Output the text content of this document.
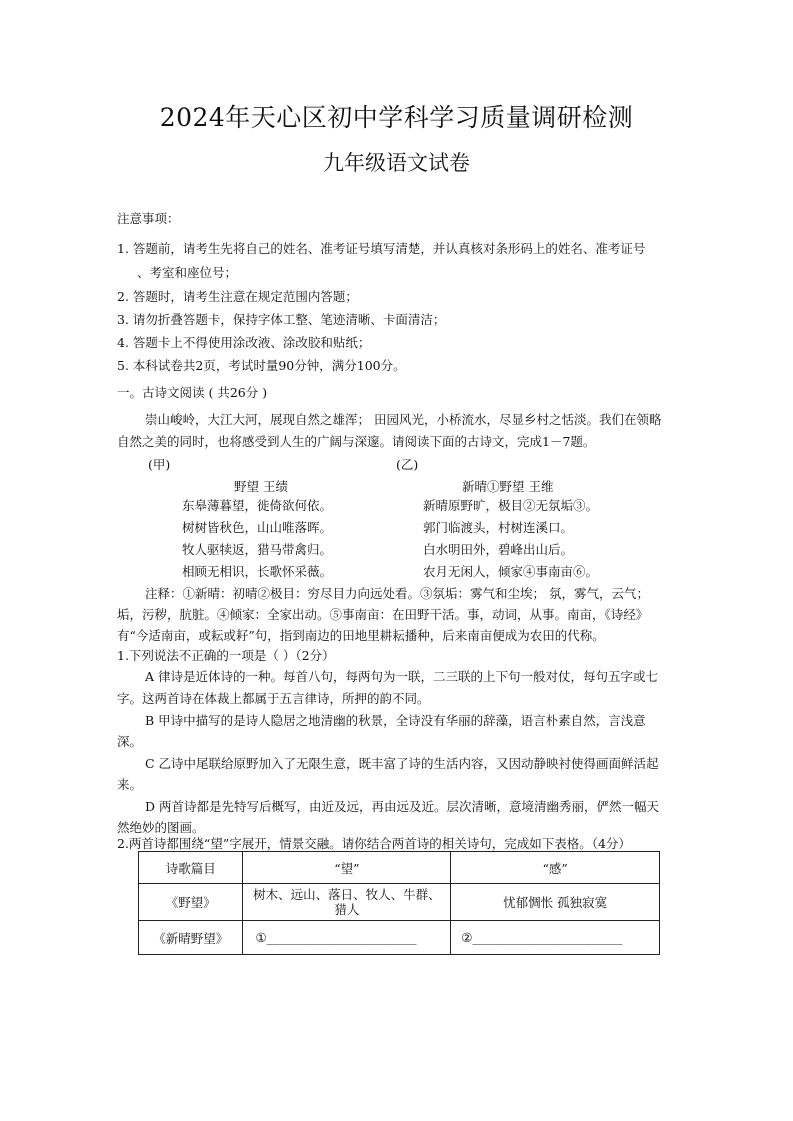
2024年天心区初中学科学习质量调研检测
九年级语文试卷
注意事项：
1. 答题前，请考生先将自己的姓名、准考证号填写清楚，并认真核对条形码上的姓名、准考证号
、考室和座位号；
2. 答题时，请考生注意在规定范围内答题；
3. 请勿折叠答题卡，保持字体工整、笔迹清晰、卡面清洁；
4. 答题卡上不得使用涂改液、涂改胶和贴纸；
5. 本科试卷共2页，考试时量90分钟，满分100分。
一。古诗文阅读 ( 共26分 )
崇山峻岭，大江大河，展现自然之雄浑； 田园风光，小桥流水，尽显乡村之恬淡。我们在领略
自然之美的同时，也将感受到人生的广阔与深邃。请阅读下面的古诗文，完成1－7题。
(甲)	(乙)
野望 王绩	新晴①野望 王维
东皋薄暮望，徙倚欲何依。
树树皆秋色，山山唯落晖。
牧人驱犊返，猎马带禽归。
相顾无相识，长歌怀采薇。
新晴原野旷，极目②无氛垢③。
郭门临渡头，村树连溪口。
白水明田外，碧峰出山后。
农月无闲人，倾家④事南亩⑥。
注释：①新晴：初晴②极目：穷尽目力向远处看。③氛垢：雾气和尘埃； 氛，雾气，云气；
垢，污秽，肮脏。④倾家：全家出动。⑤事南亩：在田野干活。事，动词，从事。南亩，《诗经》
有“今适南亩，或耘或耔”句，指到南边的田地里耕耘播种，后来南亩便成为农田的代称。
1.下列说法不正确的一项是（ ）（2分）
A 律诗是近体诗的一种。每首八句，每两句为一联，二三联的上下句一般对仗，每句五字或七
字。这两首诗在体裁上都属于五言律诗，所押的韵不同。
B 甲诗中描写的是诗人隐居之地清幽的秋景，全诗没有华丽的辞藻，语言朴素自然，言浅意
深。
C 乙诗中尾联给原野加入了无限生意，既丰富了诗的生活内容，又因动静映衬使得画面鲜活起
来。
D 两首诗都是先特写后概写，由近及远，再由远及近。层次清晰，意境清幽秀丽，俨然一幅天
然绝妙的图画。
2.两首诗都围绕“望”字展开，情景交融。请你结合两首诗的相关诗句，完成如下表格。（4分）
诗歌篇目	“望”	“感”
《野望》	树木、远山、落日、牧人、牛群、猎人	忧郁惆怅 孤独寂寞
《新晴野望》	①________________________	②________________________
